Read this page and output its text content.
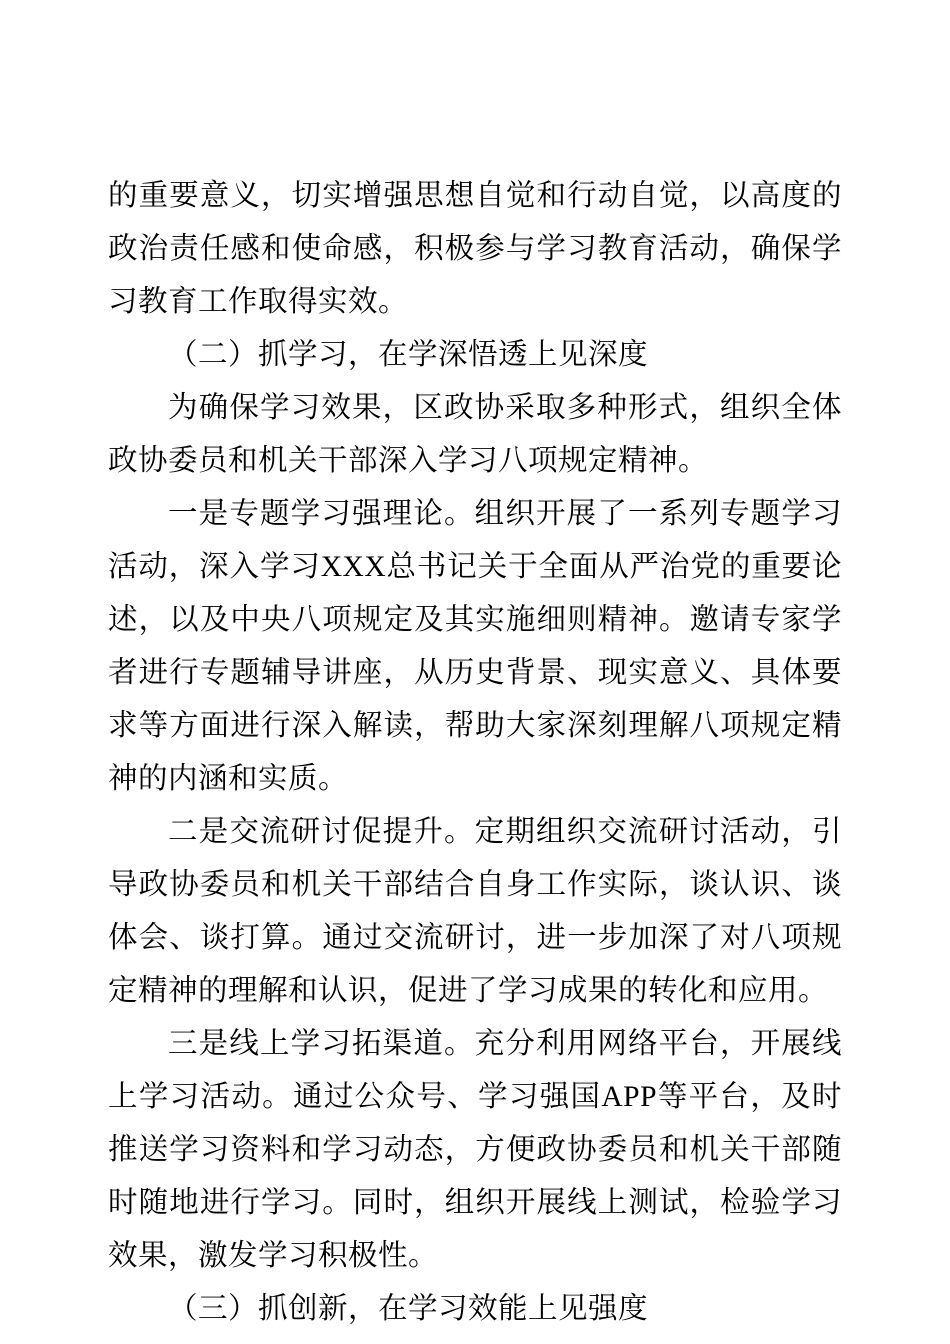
的重要意义，切实增强思想自觉和行动自觉，以高度的政治责任感和使命感，积极参与学习教育活动，确保学习教育工作取得实效。

（二）抓学习，在学深悟透上见深度

为确保学习效果，区政协采取多种形式，组织全体政协委员和机关干部深入学习八项规定精神。

一是专题学习强理论。组织开展了一系列专题学习活动，深入学习XXX总书记关于全面从严治党的重要论述，以及中央八项规定及其实施细则精神。邀请专家学者进行专题辅导讲座，从历史背景、现实意义、具体要求等方面进行深入解读，帮助大家深刻理解八项规定精神的内涵和实质。

二是交流研讨促提升。定期组织交流研讨活动，引导政协委员和机关干部结合自身工作实际，谈认识、谈体会、谈打算。通过交流研讨，进一步加深了对八项规定精神的理解和认识，促进了学习成果的转化和应用。

三是线上学习拓渠道。充分利用网络平台，开展线上学习活动。通过公众号、学习强国APP等平台，及时推送学习资料和学习动态，方便政协委员和机关干部随时随地进行学习。同时，组织开展线上测试，检验学习效果，激发学习积极性。

（三）抓创新，在学习效能上见强度
